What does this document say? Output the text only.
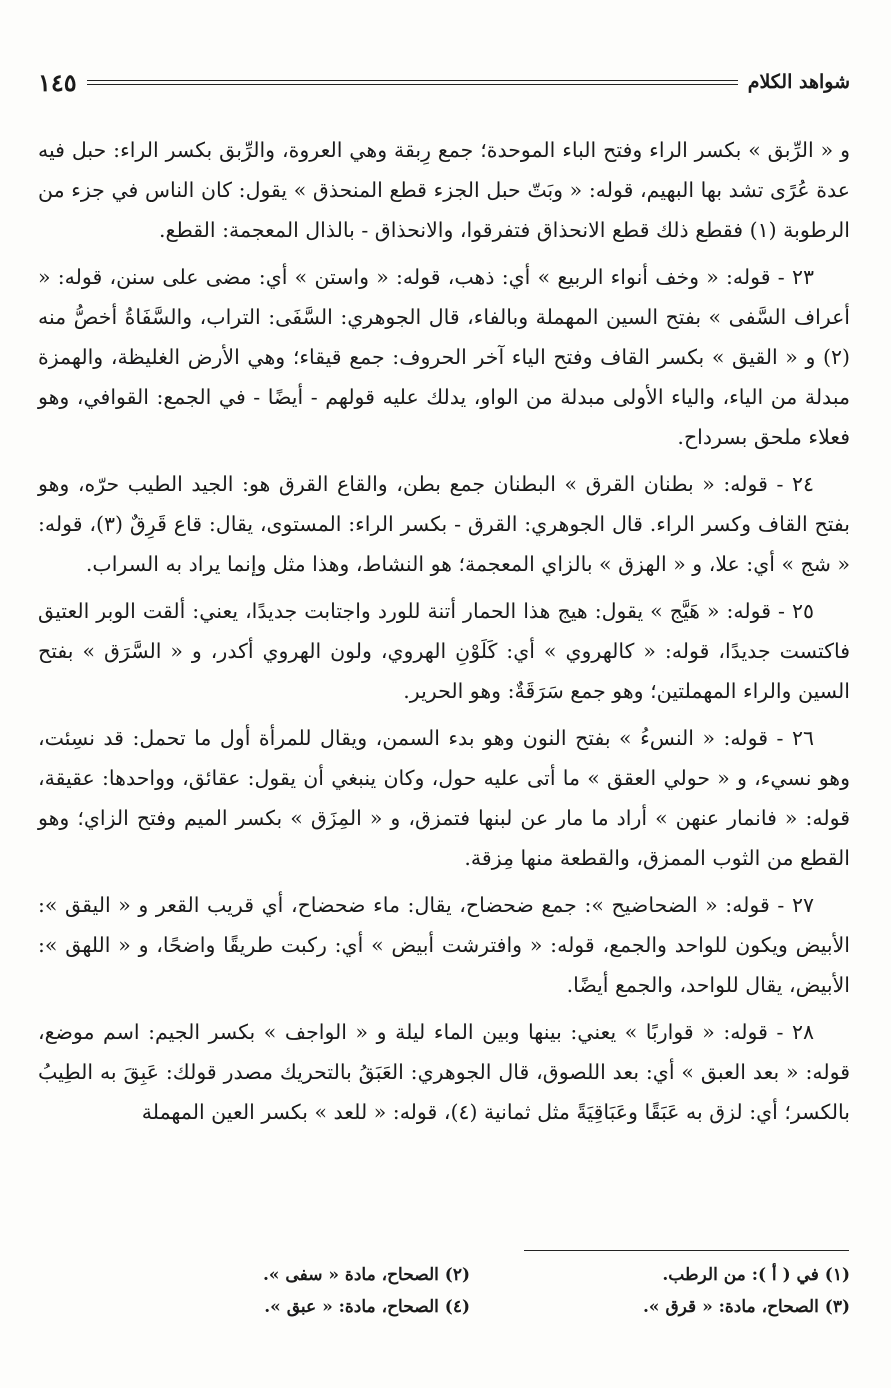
شواهد الكلام
١٤٥

و « الرِّبق » بكسر الراء وفتح الباء الموحدة؛ جمع رِبقة وهي العروة، والرِّبق بكسر الراء: حبل فيه عدة عُرًى تشد بها البهيم، قوله: « وبَتّ حبل الجزء قطع المنحذق » يقول: كان الناس في جزء من الرطوبة (١) فقطع ذلك قطع الانحذاق فتفرقوا، والانحذاق - بالذال المعجمة: القطع.

٢٣ - قوله: « وخف أنواء الربيع » أي: ذهب، قوله: « واستن » أي: مضى على سنن، قوله: « أعراف السَّفى » بفتح السين المهملة وبالفاء، قال الجوهري: السَّفَى: التراب، والسَّفَاةُ أخصُّ منه (٢) و « القيق » بكسر القاف وفتح الياء آخر الحروف: جمع قيقاء؛ وهي الأرض الغليظة، والهمزة مبدلة من الياء، والياء الأولى مبدلة من الواو، يدلك عليه قولهم - أيضًا - في الجمع: القوافي، وهو فعلاء ملحق بسرداح.

٢٤ - قوله: « بطنان القرق » البطنان جمع بطن، والقاع القرق هو: الجيد الطيب حرّه، وهو بفتح القاف وكسر الراء. قال الجوهري: القرق - بكسر الراء: المستوى، يقال: قاع قَرِقٌ (٣)، قوله: « شج » أي: علا، و « الهزق » بالزاي المعجمة؛ هو النشاط، وهذا مثل وإنما يراد به السراب.

٢٥ - قوله: « هَيَّج » يقول: هيج هذا الحمار أتنة للورد واجتابت جديدًا، يعني: ألقت الوبر العتيق فاكتست جديدًا، قوله: « كالهروي » أي: كَلَوْنِ الهروي، ولون الهروي أكدر، و « السَّرَق » بفتح السين والراء المهملتين؛ وهو جمع سَرَقَةٌ: وهو الحرير.

٢٦ - قوله: « النسءُ » بفتح النون وهو بدء السمن، ويقال للمرأة أول ما تحمل: قد نسِئت، وهو نسيء، و « حولي العقق » ما أتى عليه حول، وكان ينبغي أن يقول: عقائق، وواحدها: عقيقة، قوله: « فانمار عنهن » أراد ما مار عن لبنها فتمزق، و « المِزَق » بكسر الميم وفتح الزاي؛ وهو القطع من الثوب الممزق، والقطعة منها مِزقة.

٢٧ - قوله: « الضحاضيح »: جمع ضحضاح، يقال: ماء ضحضاح، أي قريب القعر و « اليقق »: الأبيض ويكون للواحد والجمع، قوله: « وافترشت أبيض » أي: ركبت طريقًا واضحًا، و « اللهق »: الأبيض، يقال للواحد، والجمع أيضًا.

٢٨ - قوله: « قواربًا » يعني: بينها وبين الماء ليلة و « الواجف » بكسر الجيم: اسم موضع، قوله: « بعد العبق » أي: بعد اللصوق، قال الجوهري: العَبَقُ بالتحريك مصدر قولك: عَبِقَ به الطِيبُ بالكسر؛ أي: لزق به عَبَقًا وعَبَاقِيَةً مثل ثمانية (٤)، قوله: « للعد » بكسر العين المهملة

(١) في ( أ ): من الرطب.
(٢) الصحاح، مادة « سفى ».
(٣) الصحاح، مادة: « قرق ».
(٤) الصحاح، مادة: « عبق ».
